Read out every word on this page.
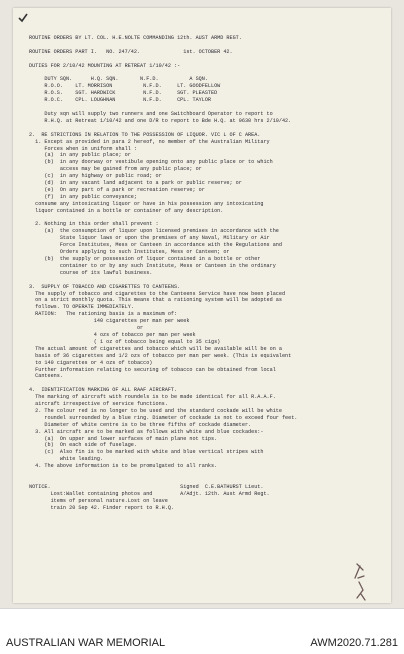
ROUTINE ORDERS BY LT. COL. H.E.NOLTE COMMANDING 12th. AUST ARMD REGT.

ROUTINE ORDERS PART I.   NO. 247/42.              1st. OCTOBER 42.

DUTIES FOR 2/10/42 MOUNTING AT RETREAT 1/10/42 :-

DUTY SQN.      H.Q. SQN.       N.F.D.          A SQN.
R.O.O.    LT. MORRISON          N.F.D.     LT. GOODFELLOW
R.O.S.    SGT. HARDWICK         N.F.D.     SGT. PLEASTED
R.O.C.    CPL. LOUGHNAN         N.F.D.     CPL. TAYLOR

Duty sqn will supply two runners and one Switchboard Operator to report to
R.H.Q. at Retreat 1/10/42 and one D/R to report to Bde H.Q. at 0630 hrs 2/10/42.

2.  RE STRICTIONS IN RELATION TO THE POSSESSION OF LIQUOR. VIC L OF C AREA.
1. Except as provided in para 2 hereof, no member of the Australian Military
Forces when in uniform shall :
(a)  in any public place; or
(b)  in any doorway or vestibule opening onto any public place or to which
access may be gained from any public place; or
(c)  in any highway or public road; or
(d)  in any vacant land adjacent to a park or public reserve; or
(e)  On any part of a park or recreation reserve; or
(f)  in any public conveyance;
consume any intoxicating liquor or have in his possession any intoxicating
liquor contained in a bottle or container of any description.

2. Nothing in this order shall prevent :
(a)  the consumption of liquor upon licensed premises in accordance with the
State liquor laws or upon the premises of any Naval, Military or Air
Force Institutes, Mess or Canteen in accordance with the Regulations and
Orders applying to such Institutes, Mess or Canteen; or
(b)  the supply or possession of liquor contained in a bottle or other
container to or by any such Institute, Mess or Canteen in the ordinary
course of its lawful business.

3.  SUPPLY OF TOBACCO AND CIGARETTES TO CANTEENS.
The supply of tobacco and cigarettes to the Canteens Service have now been placed
on a strict monthly quota. This means that a rationing system will be adopted as
follows. TO OPERATE IMMEDIATELY.
RATION:   The rationing basis is a maximum of:
140 cigarettes per man per week
or
4 ozs of tobacco per man per week
( 1 oz of tobacco being equal to 35 cigs)
The actual amount of cigarettes and tobacco which will be available will be on a
basis of 36 cigarettes and 1/2 ozs of tobacco per man per week. (This is equivalent
to 140 cigarettes or 4 ozs of tobacco)
Further information relating to securing of tobacco can be obtained from local
Canteens.

4.  IDENTIFICATION MARKING OF ALL RAAF AIRCRAFT.
The marking of aircraft with roundels is to be made identical for all R.A.A.F.
aircraft irrespective of service functions.
2. The colour red is no longer to be used and the standard cockade will be white
roundel surrounded by a blue ring. Diameter of cockade is not to exceed four feet.
Diameter of white centre is to be three fifths of cockade diameter.
3. All aircraft are to be marked as follows with white and blue cockades:-
(a)  On upper and lower surfaces of main plane not tips.
(b)  On each side of fuselage.
(c)  Also fin is to be marked with white and blue vertical stripes with
white leading.
4. The above information is to be promulgated to all ranks.

NOTICE.                                          Signed  C.E.BATHURST Lieut.
Lost:Wallet containing photos and         A/Adjt. 12th. Aust Armd Regt.
items of personal nature.Lost on leave
train 20 Sep 42. Finder report to R.H.Q.
AUSTRALIAN WAR MEMORIAL	AWM2020.71.281
